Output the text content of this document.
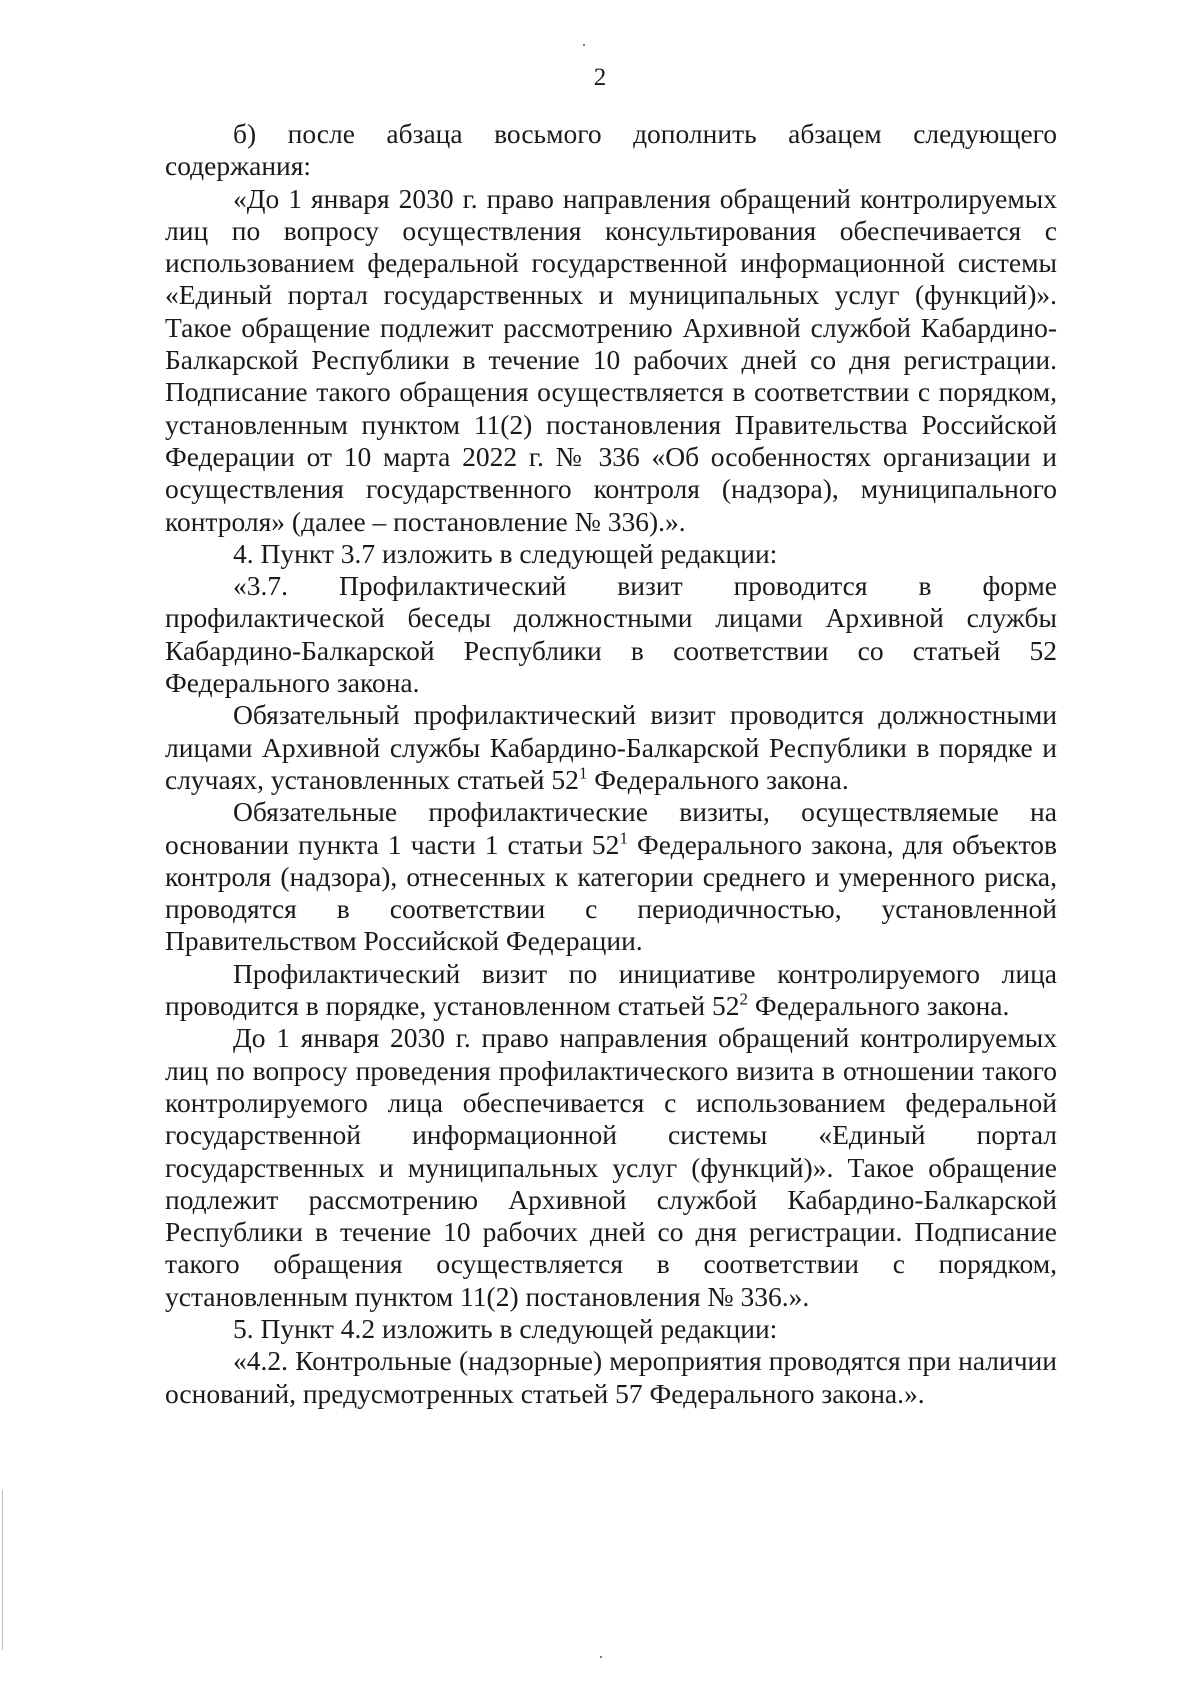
2

б) после абзаца восьмого дополнить абзацем следующего содержания:

«До 1 января 2030 г. право направления обращений контролируемых лиц по вопросу осуществления консультирования обеспечивается с использованием федеральной государственной информационной системы «Единый портал государственных и муниципальных услуг (функций)». Такое обращение подлежит рассмотрению Архивной службой Кабардино-Балкарской Республики в течение 10 рабочих дней со дня регистрации. Подписание такого обращения осуществляется в соответствии с порядком, установленным пунктом 11(2) постановления Правительства Российской Федерации от 10 марта 2022 г. № 336 «Об особенностях организации и осуществления государственного контроля (надзора), муниципального контроля» (далее – постановление № 336).».

4. Пункт 3.7 изложить в следующей редакции:

«3.7. Профилактический визит проводится в форме профилактической беседы должностными лицами Архивной службы Кабардино-Балкарской Республики в соответствии со статьей 52 Федерального закона.

Обязательный профилактический визит проводится должностными лицами Архивной службы Кабардино-Балкарской Республики в порядке и случаях, установленных статьей $52^1$ Федерального закона.

Обязательные профилактические визиты, осуществляемые на основании пункта 1 части 1 статьи $52^1$ Федерального закона, для объектов контроля (надзора), отнесенных к категории среднего и умеренного риска, проводятся в соответствии с периодичностью, установленной Правительством Российской Федерации.

Профилактический визит по инициативе контролируемого лица проводится в порядке, установленном статьей $52^2$ Федерального закона.

До 1 января 2030 г. право направления обращений контролируемых лиц по вопросу проведения профилактического визита в отношении такого контролируемого лица обеспечивается с использованием федеральной государственной информационной системы «Единый портал государственных и муниципальных услуг (функций)». Такое обращение подлежит рассмотрению Архивной службой Кабардино-Балкарской Республики в течение 10 рабочих дней со дня регистрации. Подписание такого обращения осуществляется в соответствии с порядком, установленным пунктом 11(2) постановления № 336.».

5. Пункт 4.2 изложить в следующей редакции:

«4.2. Контрольные (надзорные) мероприятия проводятся при наличии оснований, предусмотренных статьей 57 Федерального закона.».
